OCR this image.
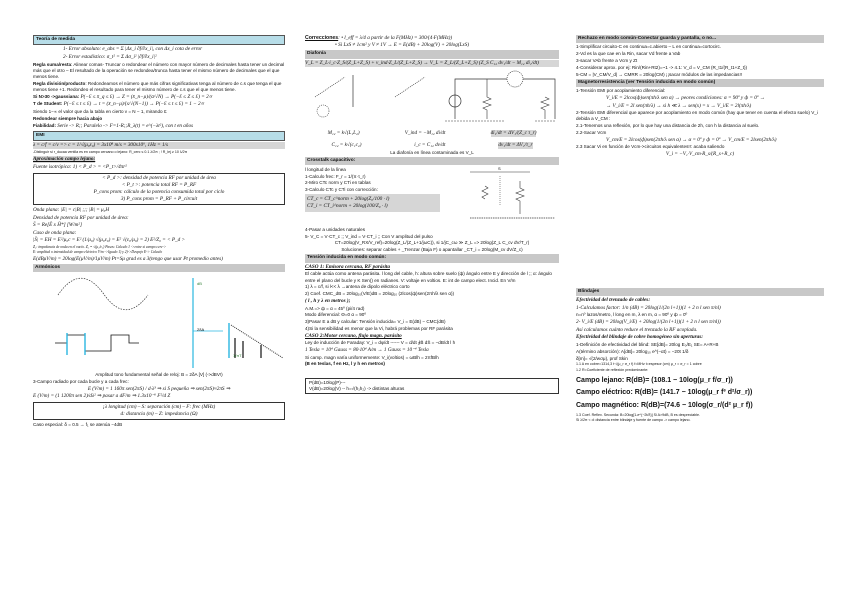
Teoría de medida
1- Error absoluto: e_abs = Σ |Δx_i ∂f/∂x_i|, con Δx_i cota de error
2- Error estadístico: σ_t² = Σ Δσ_i² |∂f/∂x_i|²
Regla suma/resta: Alinear comas- Truncar o redondear el número con mayor número de decimales hasta tener un decimal más que el otro – El resultado de la operación se redondea/trunca hasta tener el mismo número de decimales que el que menos tiene.
Regla división/producto: Redondeamos el número que más cifras significativas tenga al número de c.s que tenga el que menos tiene +1. Redondeo el resultado para tener el mismo número de c.s que el que menos tiene.
Si N>30 ->gaussiana: P(−Ɛ ≤ x̄_q ≤ Ɛ) → Z = (x̄_n−μ)/(σ/√N) → P(−Ɛ ≤ Z ≤ Ɛ) = 2∝
T de Student: P(−Ɛ ≤ t ≤ Ɛ) → t = (x̄_n−μ)/(s/√(N−1)) → P(−Ɛ ≤ t ≤ Ɛ) = 1 − 2∝
Siendo 1−∝ el valor que da la tabla en cierto ν = N − 1, mirando Ɛ
Redondear siempre hacia abajo
Fiabilidad: Serie -> R;; Paralelo -> F=1-R;;R_λ(t) = e^(−λt²), con t en años
EMI
λ = c/f = c/v => c = 1/√(μ₀ε₀) = 3x10⁸ m/s = 300x10⁶, 1Hz = 1/s
-Distinguir si r_ducaa ventila es en campo cercano o lejano: R_cerc ≤ 0.1 λ/2π ; ! R_lej ≥ 10 λ/2π
Aproximación campo lejano:
Fuente isotrópica: 1) < P_d > = <P_t>/4πr²
< P_d >: densidad de potencia RF por unidad de área
< P_t >: potencia total RF = P_RF
P_cons prom: cálculo de la potencia consumida total por ciclo
3) P_cons prom = P_RF + P_circuit
Onda plana: |E| = c|B| ;;; |B| = μ₀H
Densidad de potencia RF por unidad de área:
S̄ = Re[Ē x H̄*] [W/m²]
Caso de onda plana:
|S̄| = EH = E²/μ₀c = E² (1/μ₀) √(μ₀ε₀) = E² √(ε₀/μ₀) = 2) E²/Z₀ = < P_d >
Z₀: impedancia de onda en el vacío. Z₀ = √(μ₀/ε₀) Pasos: Calculo 1 ->entre si campo cerc->
E: amplitud o intensidad de campo eléctrico V/m ->Igualo 1) y 2)->Despejo E-> Calculo
E(dBμV/m) = 20log(E(μV/m)/1μV/m) Pt=Sμ grad es a 3(tengo que usar Pt promedio antes)
Armónicos
dB
2δA
1/πT
Amplitud tono fundamental señal de reloj: B = 2δA [V] (->dBV!)
3-Campo radiado por cada bucle y a cada frec:
E (V/m) = 1 160π sen(2πS) / d·λ³ ⇒ si S pequeña ⇒ sen(2πS)≈2πS ⇒
E (V/m) = (1 1200π sen 2)/dλ² ⇒ pasar a dF/m ⇒ 1.3x10⁻⁶ F²/d Z
¡λ longitud (cm) – S: separación (cm) – F: frec (MHz)
d: distancia (m) – Z: impedancia (Ω)
Caso especial: δ = 0.5 → f₁ se atenúa −4dB
Correcciones: • l_eff = λ/4 a partir de la F(MHz) = 300/(4·F(MHz))
• Si LxS ≠ 1cm² y V ≠ 1V → E = E(dB) + 20log(V) + 20log(LxS)
Diafonía
V_L = Z_L·i_c·Z_S/(Z_L+Z_S) + v_ind·Z_L/(Z_L+Z_S) → V_L = Z_L/(Z_L+Z_S) (Z_S C₁₂ dv₁/dt − M₁₂ di₁/dt)
M₁₂ = k√(L₁L₂)	V_ind = −M₁₂ di/dt	di₁/dt = ΔV₁/(Z_c τ_r)
C₁₂ = k√(c₁c₂)	i_c = C₁₂ dv/dt	dv₁/dt = ΔV₁/τ_r
La diafonía en línea contaminada es V_L
Crosstalk capacitivo:
l longitud de la línea
1-Calculo frec: F_r = 1/(π·τ_r)
2-Miro CTc norm y CTi en tablas
3-Calculo CTc y CTi con corrección:
CT_c = CT_c^norm + 20log(Z₀/100 · l)
CT_i = CT_i^norm + 20log(100/Z₀ · l)
S
4-Pasar a unidades naturales
5- V_C = V·CT_c ;; V_ind = V·CT_i ;; Con V amplitud del pulso
CT=20log(V_RX/V_ref)=20log(Z_L/(Z_L+1/jωC)), si 1/jC_cω ≫ Z_L => 20log(Z_L C_cv dV/T_r)
Soluciones: separar cables + _Trenzar (Baja F) o apantallar _CT_i = 20log(M_cv dV/Z_c)
Tensión inducida en modo común:
CASO 1: Emisora cercana, RF parásita
El cable actúa como antena parásita. l long del cable, h: altura sobre suelo (ф) ángulo entre E y dirección de l ;; α: ángulo entre el plano del bucle y K Sen() en radianes. V: voltaje en voltios. E: int de campo elect. Incid. En V/m
1) λ = c/f, si l<< λ →antena de dipolo eléctrico corto
2) Coef. CMC_dB = 20log₁₀(V/E)dB = 20log₁₀ (2lcos(ф)sen(2πh/λ sen α))
( l , h y λ en metros );
A.M.=> ф = α = 45º (pi/4 rad)
Modo diferencial: Θ=0 α = 90º
3)Pasar E a dB y calcular: Tensión inducida= V_i = E(dB) − CMC(dB)
4)Si la sensibilidad es menor que la Vi, habrá problemas por RF parásita
CASO 2:Motor cercano, flujo magn. parásito
Ley de inducción de Faraday: V_i = dφ/dt ------ V = d/dt ∮B̄ dS̄ = −dB/dt l h
1 Tesla = 10⁴ Gauss = 80·10⁴ A/m → 1 Gauss = 10⁻⁴ Tesla
Si camp. magn varía uniformemente: V_i(voltios) = ωBlh = 2πfBlh
(B en teslas, f en Hz, l y h en metros)
P(dB)=10log(P)---
V(dB)=20log(V) -- h=√(h₁h₂) -> distintas alturas
Rechazo en modo común-Conectar guarda y pantalla, o no...
1-Simplificar circuito-C en continua=c.abierto – L en continua=cortocirc.
2-Vd es la que cae en la Rin, sacar Vd frente a Vab
3-sacar VAb frente a Vcm y Zt
4-Considerar aprox. por ej: Rin/(Rin+Rt2)=~1 -> 4.1: V_d = V_CM (R_t1/(R_t1+Z_t))
5-CM = |V_CM/V_d| → CMRR = 20log(CM) ¡¡sacar módulos de las impedancias!!
Magnetorresistencia (ver Tensión inducida en modo común)
1-Tensión EMI por acoplamiento diferencial:
V_i/E = 2lcos(ф)sen(πh/λ sen α) → peores condiciones: α = 90º y ф = 0º →
→ V_i/E = 2l sen(πh/λ) → si h ≪ λ → sen(x) = x → V_i/E = 2l(πh/λ)
2-Tensión EMI diferencial que aparece por acoplamiento en modo común (hay que tener en cuenta el efecto suelo) V_i debida a V_CM :
2.1-Tenemos una reflexión, por lo que hay una distancia de 2h, con h la distancia al suelo.
2.2-Sacar Vcm
V_cm/E = 2lcos(ф)sen(2πh/λ sen α) → α = 0º y ф = 0º → V_cm/E = 2lsen(2πh/λ)
2.3 Sacar Vi en función de Vcm->circuitos equivalentes!!: acaba saliendo
V_i = −V₁·V_cm·R_s/(R_s+R_c)
Blindajes
Efectividad del trenzado de cables:
1-Calculamos factor: 1/n (dB) = 20log(1/(2n l+1))(1 + 2 n l sen π/nl)
n=nº lazos/metro, l long en m, λ en m, α = 90º y ф = 0º
2- V_i/E (dB) = 20log(V_i/E) + 20log(1/(2n l+1))(1 + 2 n l sen π/nl))
Así calculamos cuánto reduce el trenzado la RF acoplada.
Efectividad del blindaje de cobre homogéneo sin aperturas:
1-Definición de efectividad del blind: SE[dB]= 20log E₀/E₁ SE= A+R+B
A(término absorción): A[dB]= 20log₁₀ e^(−αt) = −20t 1/δ
δ[m]= √(2/wσμ), prof Skin
1.1 A en cobre=1314,3 t·√(μ_r σ_r f) f=MHz t=espesor (cm) μ_r = σ_r = 1 cobre
1.2 R=Coeficiente de reflexión predominante:
Campo lejano: R(dB)= (108.1 − 10log(μ_r f/σ_r))
Campo eléctrico: R(dB)= (141.7 − 10log(μ_r f³ d²/σ_r))
Campo magnético: R(dB)=(74.6 − 10log(σ_r/(d² μ_r f))
1.3 Coef. Reflex. Secunda: B=20log[1-e^(−2t/δ)] Si A>9dB, B es despreciable.
Si λ/2π < d: distancia entre blindaje y fuente de campo -> campo lejano.
